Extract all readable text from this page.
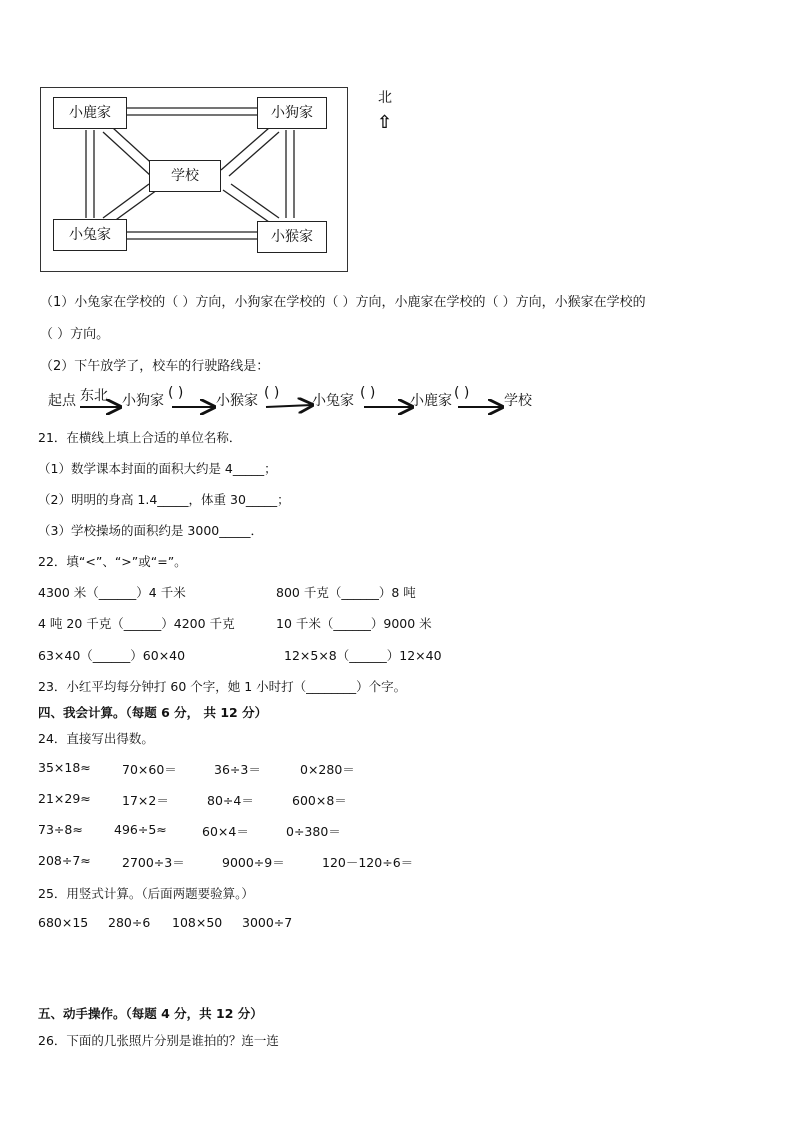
小鹿家	小狗家
学校
小兔家	小猴家
北
⇧
（1）小兔家在学校的（ ）方向，小狗家在学校的（ ）方向，小鹿家在学校的（ ）方向，小猴家在学校的
（ ）方向。
（2）下午放学了，校车的行驶路线是：
起点 东北 小狗家 ( ) 小猴家 ( ) 小兔家 ( ) 小鹿家 ( ) 学校
21．在横线上填上合适的单位名称．
（1）数学课本封面的面积大约是 4_____；
（2）明明的身高 1.4_____，体重 30_____；
（3）学校操场的面积约是 3000_____．
22．填“<”、“>”或“=”。
4300 米（______）4 千米	800 千克（______）8 吨
4 吨 20 千克（______）4200 千克	10 千米（______）9000 米
63×40（______）60×40	12×5×8（______）12×40
23．小红平均每分钟打 60 个字，她 1 小时打（________）个字。
四、我会计算。（每题 6 分， 共 12 分）
24．直接写出得数。
35×18≈ 70×60＝	36÷3＝	0×280＝
21×29≈ 17×2＝	80÷4＝	600×8＝
73÷8≈ 496÷5≈	60×4＝	0÷380＝
208÷7≈ 2700÷3＝	9000÷9＝	120－120÷6＝
25．用竖式计算。（后面两题要验算。）
680×15 280÷6 108×50 3000÷7
五、动手操作。（每题 4 分，共 12 分）
26．下面的几张照片分别是谁拍的？连一连
